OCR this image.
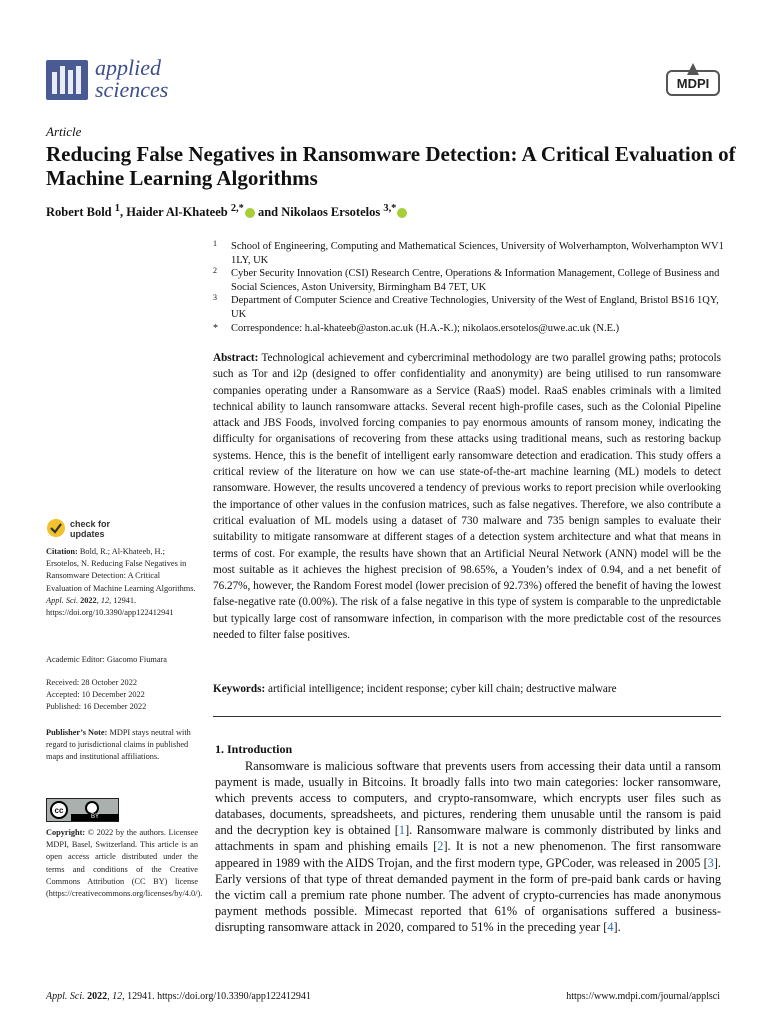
applied
sciences	MDPI
Article
Reducing False Negatives in Ransomware Detection: A Critical Evaluation of Machine Learning Algorithms
Robert Bold $^1$, Haider Al-Khateeb $^{2,*}$ and Nikolaos Ersotelos $^{3,*}$
1 School of Engineering, Computing and Mathematical Sciences, University of Wolverhampton, Wolverhampton WV1 1LY, UK
2 Cyber Security Innovation (CSI) Research Centre, Operations & Information Management, College of Business and Social Sciences, Aston University, Birmingham B4 7ET, UK
3 Department of Computer Science and Creative Technologies, University of the West of England, Bristol BS16 1QY, UK
* Correspondence: h.al-khateeb@aston.ac.uk (H.A.-K.); nikolaos.ersotelos@uwe.ac.uk (N.E.)
Abstract: Technological achievement and cybercriminal methodology are two parallel growing paths; protocols such as Tor and i2p (designed to offer confidentiality and anonymity) are being utilised to run ransomware companies operating under a Ransomware as a Service (RaaS) model. RaaS enables criminals with a limited technical ability to launch ransomware attacks. Several recent high-profile cases, such as the Colonial Pipeline attack and JBS Foods, involved forcing companies to pay enormous amounts of ransom money, indicating the difficulty for organisations of recovering from these attacks using traditional means, such as restoring backup systems. Hence, this is the benefit of intelligent early ransomware detection and eradication. This study offers a critical review of the literature on how we can use state-of-the-art machine learning (ML) models to detect ransomware. However, the results uncovered a tendency of previous works to report precision while overlooking the importance of other values in the confusion matrices, such as false negatives. Therefore, we also contribute a critical evaluation of ML models using a dataset of 730 malware and 735 benign samples to evaluate their suitability to mitigate ransomware at different stages of a detection system architecture and what that means in terms of cost. For example, the results have shown that an Artificial Neural Network (ANN) model will be the most suitable as it achieves the highest precision of 98.65%, a Youden’s index of 0.94, and a net benefit of 76.27%, however, the Random Forest model (lower precision of 92.73%) offered the benefit of having the lowest false-negative rate (0.00%). The risk of a false negative in this type of system is comparable to the unpredictable but typically large cost of ransomware infection, in comparison with the more predictable cost of the resources needed to filter false positives.
Keywords: artificial intelligence; incident response; cyber kill chain; destructive malware
1. Introduction
Ransomware is malicious software that prevents users from accessing their data until a ransom payment is made, usually in Bitcoins. It broadly falls into two main categories: locker ransomware, which prevents access to computers, and crypto-ransomware, which encrypts user files such as databases, documents, spreadsheets, and pictures, rendering them unusable until the ransom is paid and the decryption key is obtained [1]. Ransomware malware is commonly distributed by links and attachments in spam and phishing emails [2]. It is not a new phenomenon. The first ransomware appeared in 1989 with the AIDS Trojan, and the first modern type, GPCoder, was released in 2005 [3]. Early versions of that type of threat demanded payment in the form of pre-paid bank cards or having the victim call a premium rate phone number. The advent of crypto-currencies has made anonymous payment methods possible. Mimecast reported that 61% of organisations suffered a business-disrupting ransomware attack in 2020, compared to 51% in the preceding year [4].
check for
updates
Citation: Bold, R.; Al-Khateeb, H.; Ersotelos, N. Reducing False Negatives in Ransomware Detection: A Critical Evaluation of Machine Learning Algorithms. Appl. Sci. 2022, 12, 12941. https://doi.org/10.3390/app122412941
Academic Editor: Giacomo Fiumara
Received: 28 October 2022
Accepted: 10 December 2022
Published: 16 December 2022
Publisher’s Note: MDPI stays neutral with regard to jurisdictional claims in published maps and institutional affiliations.
cc
BY
Copyright: © 2022 by the authors. Licensee MDPI, Basel, Switzerland. This article is an open access article distributed under the terms and conditions of the Creative Commons Attribution (CC BY) license (https://creativecommons.org/licenses/by/4.0/).
Appl. Sci. 2022, 12, 12941. https://doi.org/10.3390/app122412941	https://www.mdpi.com/journal/applsci
